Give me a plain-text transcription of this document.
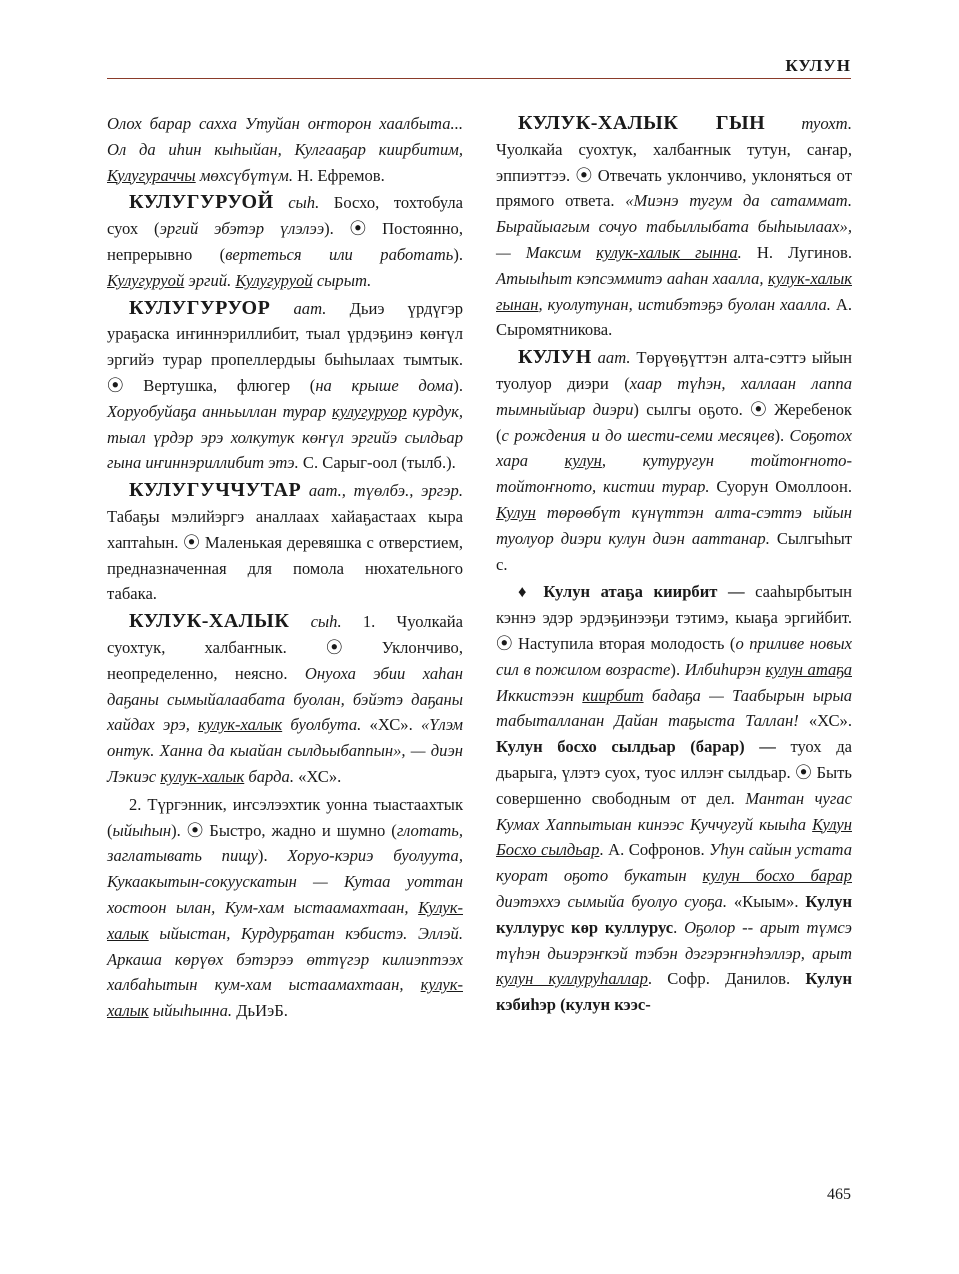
КУЛУН

Олох барар сахха Утуйан оҥторон хаалбыта... Ол да иһин кыһыйан, Кулгааҕар киирбитим, Кулугураччы мөхсүбүтүм. Н. Ефремов.

КУЛУГУРУОЙ сыһ. Босхо, тохтобула суох (эргий эбэтэр үлэлээ). ⦿ Постоянно, непрерывно (вертеться или работать). Кулугуруой эргий. Кулугуруой сырыт.

КУЛУГУРУОР аат. Дьиэ үрдүгэр ураҕаска иҥиннэриллибит, тыал үрдэҕинэ көҥүл эргийэ турар пропеллердыы быһылаах тымтык. ⦿ Вертушка, флюгер (на крыше дома). Хоруобуйаҕа анньыллан турар кулугуруор курдук, тыал үрдэр эрэ холкутук көҥүл эргийэ сылдьар гына иҥиннэриллибит этэ. С. Сарыг-оол (тылб.).

КУЛУГУЧЧУТАР аат., түөлбэ., эргэр. Табаҕы мэлийэргэ аналлаах хайаҕастаах кыра хаптаһын. ⦿ Маленькая деревяшка с отверстием, предназначенная для помола нюхательного табака.

КУЛУК-ХАЛЫК сыһ. 1. Чуолкайа суохтук, халбаҥнык. ⦿ Уклончиво, неопределенно, неясно. Онуоха эбии хаһан даҕаны сымыйалаабата буолан, бэйэтэ даҕаны хайдах эрэ, кулук-халык буолбута. «ХС». «Үлэм онтук. Ханна да кыайан сылдьыбаппын», — диэн Лэкиэс кулук-халык барда. «ХС».

2. Түргэнник, иҥсэлээхтик уонна тыастаахтык (ыйыһын). ⦿ Быстро, жадно и шумно (глотать, заглатывать пищу). Хоруо-кэриэ буолуута, Кукаакытын-сокуускатын — Кутаа уоттан хостоон ылан, Кум-хам ыстаамахтаан, Кулук-халык ыйыстан, Курдурҕатан кэбистэ. Эллэй. Аркаша көрүөх бэтэрээ өттүгэр килиэптээх халбаһытын кум-хам ыстаамахтаан, кулук-халык ыйыһынна. ДьИэБ.

КУЛУК-ХАЛЫК ГЫН туохт. Чуолкайа суохтук, халбаҥнык тутун, саҥар, эппиэттээ. ⦿ Отвечать уклончиво, уклоняться от прямого ответа. «Миэнэ тугум да сатаммат. Бырайыагым сочуо табыллыбата быһыылаах», — Максим кулук-халык гынна. Н. Лугинов. Атыыһыт кэпсэммитэ ааһан хаалла, кулук-халык гынан, куолутунан, истибэтэҕэ буолан хаалла. А. Сыромятникова.

КУЛУН аат. Төрүөҕүттэн алта-сэттэ ыйын туолуор диэри (хаар түһэн, халлаан лаппа тымныйыар диэри) сылгы оҕото. ⦿ Жеребенок (с рождения и до шести-семи месяцев). Соҕотох хара кулун, кутуругун тойтоҥното-тойтоҥното, кистии турар. Суорун Омоллоон. Кулун төрөөбүт күнүттэн алта-сэттэ ыйын туолуор диэри кулун диэн ааттанар. Сылгыһыт с.

♦ Кулун атаҕа киирбит — сааһырбытын кэннэ эдэр эрдэҕинээҕи тэтимэ, кыаҕа эргийбит. ⦿ Наступила вторая молодость (о приливе новых сил в пожилом возрасте). Илбиһирэн кулун атаҕа Иккистээн киирбит бадаҕа — Таабырын ырыа табыталланан Дайан таҕыста Таллан! «ХС». Кулун босхо сылдьар (барар) — туох да дьарыга, үлэтэ суох, туос иллэҥ сылдьар. ⦿ Быть совершенно свободным от дел. Мантан чугас Кумах Хаппытыан кинээс Куччугуй кыыһа Кулун Босхо сылдьар. А. Софронов. Уһун сайын устата куорат оҕото букатын кулун босхо барар диэтэххэ сымыйа буолуо суоҕа. «Кыым». Кулун куллурус көр куллурус. Оҕолор -- арыт түмсэ түһэн дьиэрэҥкэй тэбэн дэгэрэҥнэһэллэр, арыт кулун куллуруһаллар. Софр. Данилов. Кулун кэбиһэр (кулун кээс-

465
